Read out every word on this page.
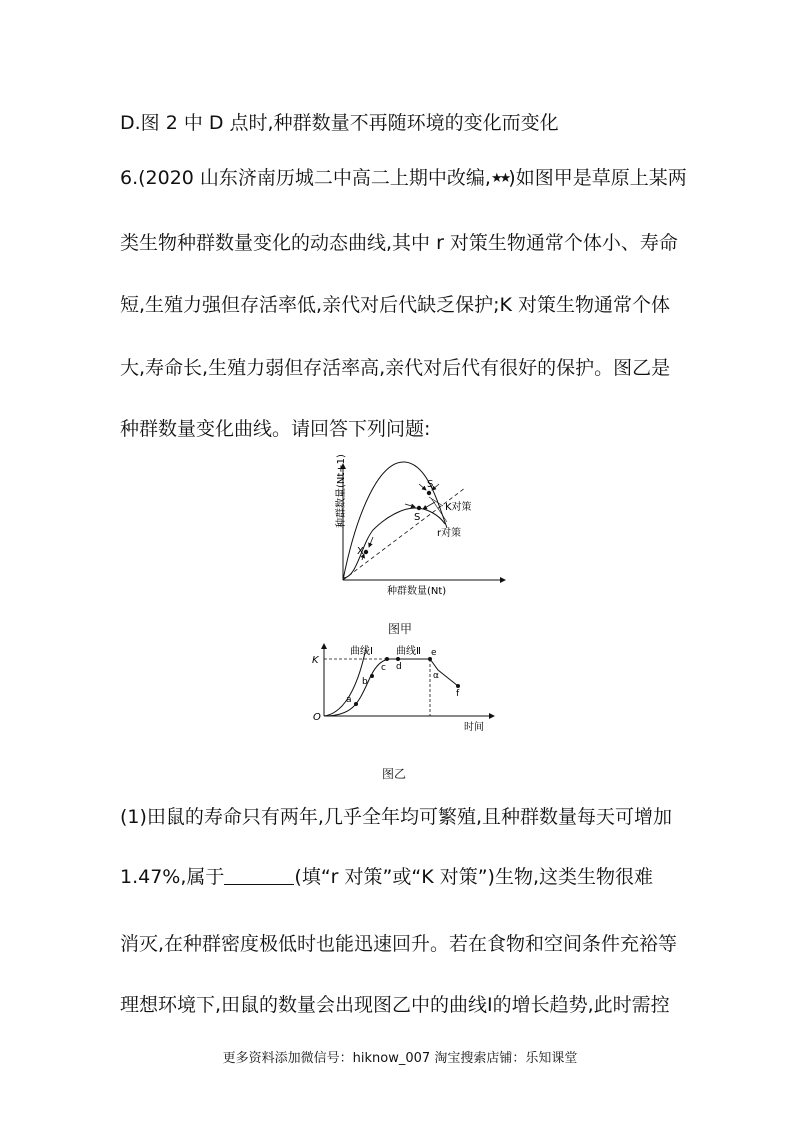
D.图 2 中 D 点时,种群数量不再随环境的变化而变化
6.(2020 山东济南历城二中高二上期中改编,★★)如图甲是草原上某两
类生物种群数量变化的动态曲线,其中 r 对策生物通常个体小、寿命
短,生殖力强但存活率低,亲代对后代缺乏保护;K 对策生物通常个体
大,寿命长,生殖力弱但存活率高,亲代对后代有很好的保护。图乙是
种群数量变化曲线。请回答下列问题:
种群数量(Nt+1)
种群数量(Nt)
K对策
r对策
X
S
S
图甲
K
O
时间
曲线Ⅰ 曲线Ⅱ
a
b
c d
e
f
α
图乙
(1)田鼠的寿命只有两年,几乎全年均可繁殖,且种群数量每天可增加
1.47%,属于	(填“r 对策”或“K 对策”)生物,这类生物很难
消灭,在种群密度极低时也能迅速回升。若在食物和空间条件充裕等
理想环境下,田鼠的数量会出现图乙中的曲线Ⅰ的增长趋势,此时需控
更多资料添加微信号：hiknow_007 淘宝搜索店铺：乐知课堂
